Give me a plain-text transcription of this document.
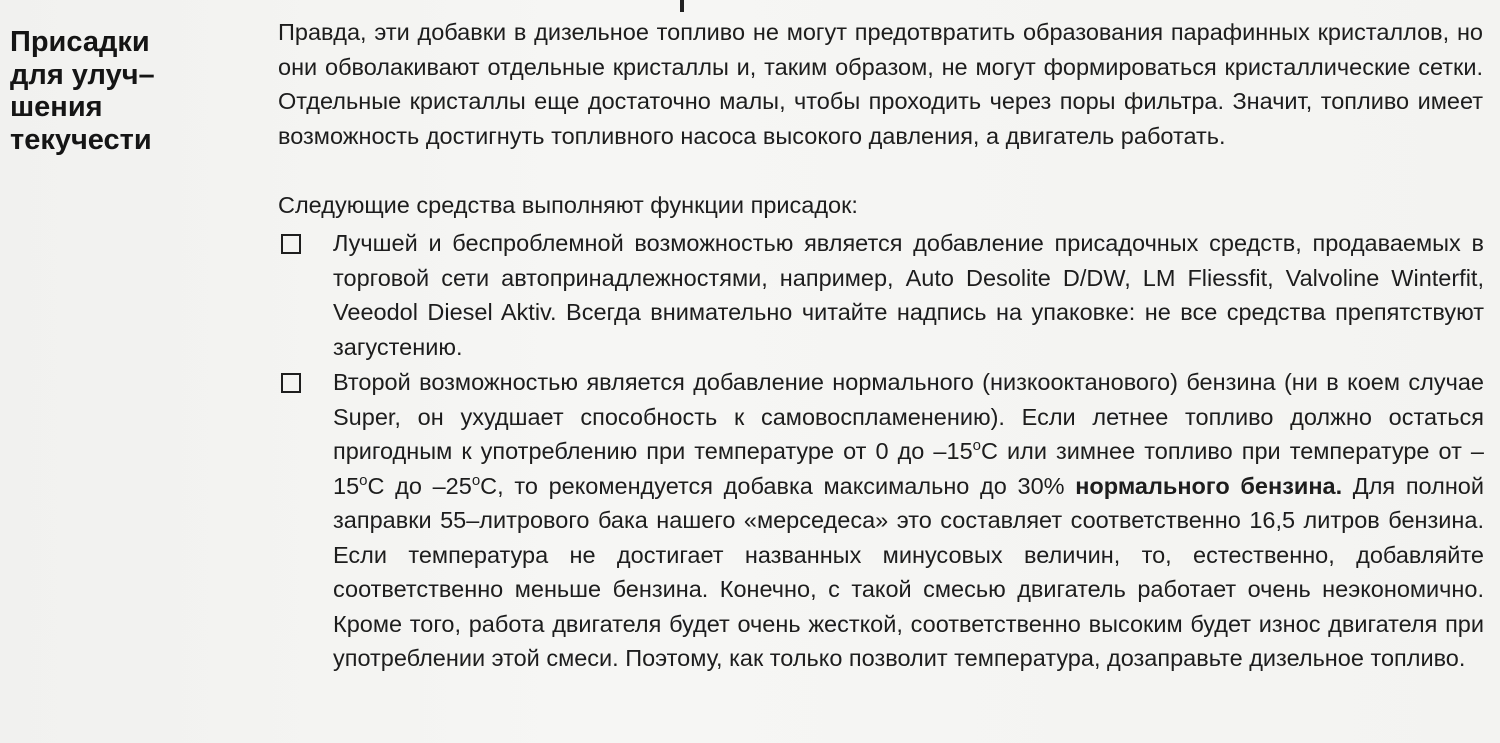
Присадки
для улуч–
шения
текучести

Правда, эти добавки в дизельное топливо не могут предотвратить образования парафинных кристаллов, но они обволакивают отдельные кристаллы и, таким образом, не могут формироваться кристаллические сетки. Отдельные кристаллы еще достаточно малы, чтобы проходить через поры фильтра. Значит, топливо имеет возможность достигнуть топливного насоса высокого давления, а двигатель работать.

Следующие средства выполняют функции присадок:

Лучшей и беспроблемной возможностью является добавление присадочных средств, продаваемых в торговой сети автопринадлежностями, например, Auto Desolite D/DW, LM Fliessfit, Valvoline Winterfit, Veeodol Diesel Aktiv. Всегда внимательно читайте надпись на упаковке: не все средства препятствуют загустению.

Второй возможностью является добавление нормального (низкооктанового) бензина (ни в коем случае Super, он ухудшает способность к самовоспламенению). Если летнее топливо должно остаться пригодным к употреблению при температуре от 0 до –15$^o$C или зимнее топливо при температуре от –15$^o$C до –25$^o$C, то рекомендуется добавка максимально до 30% нормального бензина. Для полной заправки 55–литрового бака нашего «мерседеса» это составляет соответственно 16,5 литров бензина. Если температура не достигает названных минусовых величин, то, естественно, добавляйте соответственно меньше бензина. Конечно, с такой смесью двигатель работает очень неэкономично. Кроме того, работа двигателя будет очень жесткой, соответственно высоким будет износ двигателя при употреблении этой смеси. Поэтому, как только позволит температура, дозаправьте дизельное топливо.
